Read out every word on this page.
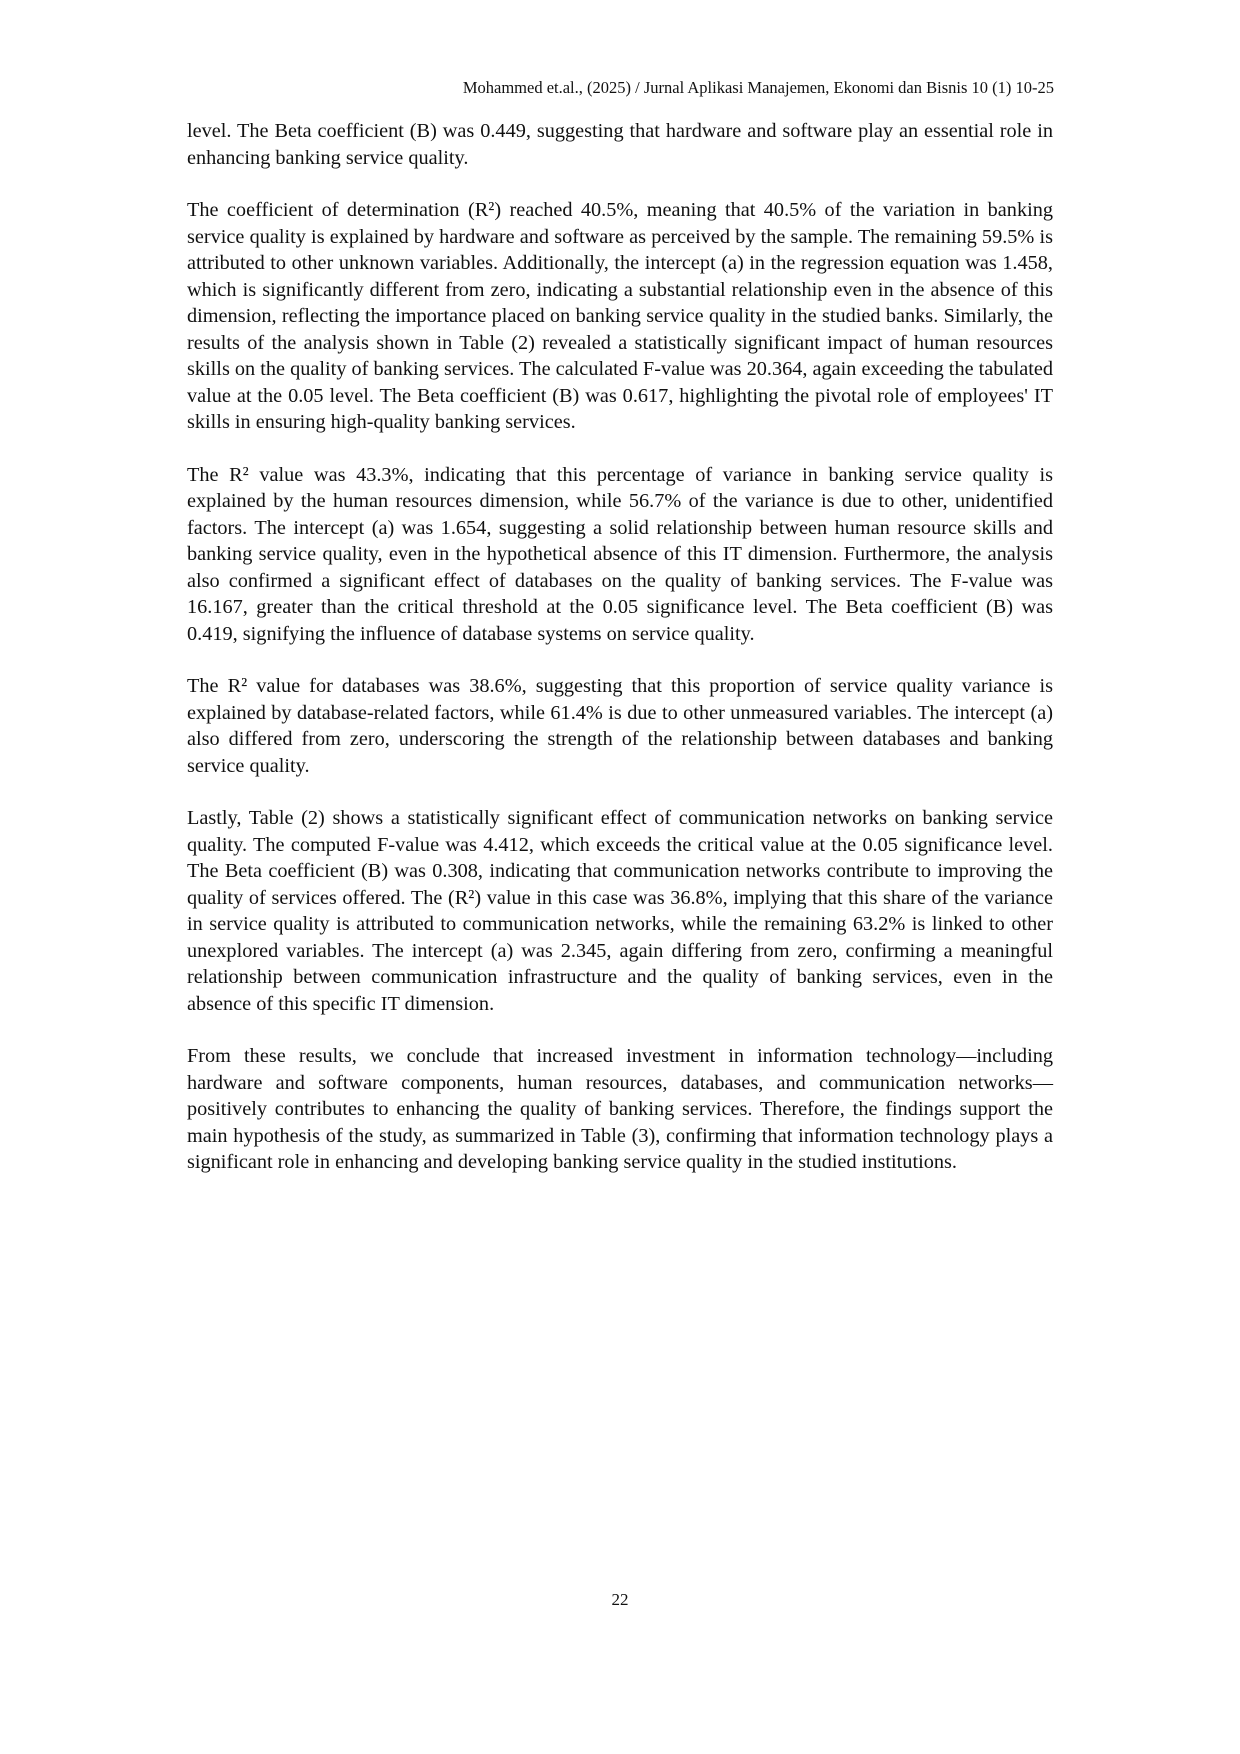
Mohammed et.al., (2025) / Jurnal Aplikasi Manajemen, Ekonomi dan Bisnis 10 (1) 10-25

level. The Beta coefficient (B) was 0.449, suggesting that hardware and software play an essential role in enhancing banking service quality.

The coefficient of determination (R²) reached 40.5%, meaning that 40.5% of the variation in banking service quality is explained by hardware and software as perceived by the sample. The remaining 59.5% is attributed to other unknown variables. Additionally, the intercept (a) in the regression equation was 1.458, which is significantly different from zero, indicating a substantial relationship even in the absence of this dimension, reflecting the importance placed on banking service quality in the studied banks. Similarly, the results of the analysis shown in Table (2) revealed a statistically significant impact of human resources skills on the quality of banking services. The calculated F-value was 20.364, again exceeding the tabulated value at the 0.05 level. The Beta coefficient (B) was 0.617, highlighting the pivotal role of employees' IT skills in ensuring high-quality banking services.

The R² value was 43.3%, indicating that this percentage of variance in banking service quality is explained by the human resources dimension, while 56.7% of the variance is due to other, unidentified factors. The intercept (a) was 1.654, suggesting a solid relationship between human resource skills and banking service quality, even in the hypothetical absence of this IT dimension. Furthermore, the analysis also confirmed a significant effect of databases on the quality of banking services. The F-value was 16.167, greater than the critical threshold at the 0.05 significance level. The Beta coefficient (B) was 0.419, signifying the influence of database systems on service quality.

The R² value for databases was 38.6%, suggesting that this proportion of service quality variance is explained by database-related factors, while 61.4% is due to other unmeasured variables. The intercept (a) also differed from zero, underscoring the strength of the relationship between databases and banking service quality.

Lastly, Table (2) shows a statistically significant effect of communication networks on banking service quality. The computed F-value was 4.412, which exceeds the critical value at the 0.05 significance level. The Beta coefficient (B) was 0.308, indicating that communication networks contribute to improving the quality of services offered. The (R²) value in this case was 36.8%, implying that this share of the variance in service quality is attributed to communication networks, while the remaining 63.2% is linked to other unexplored variables. The intercept (a) was 2.345, again differing from zero, confirming a meaningful relationship between communication infrastructure and the quality of banking services, even in the absence of this specific IT dimension.

From these results, we conclude that increased investment in information technology—including hardware and software components, human resources, databases, and communication networks—positively contributes to enhancing the quality of banking services. Therefore, the findings support the main hypothesis of the study, as summarized in Table (3), confirming that information technology plays a significant role in enhancing and developing banking service quality in the studied institutions.

22
